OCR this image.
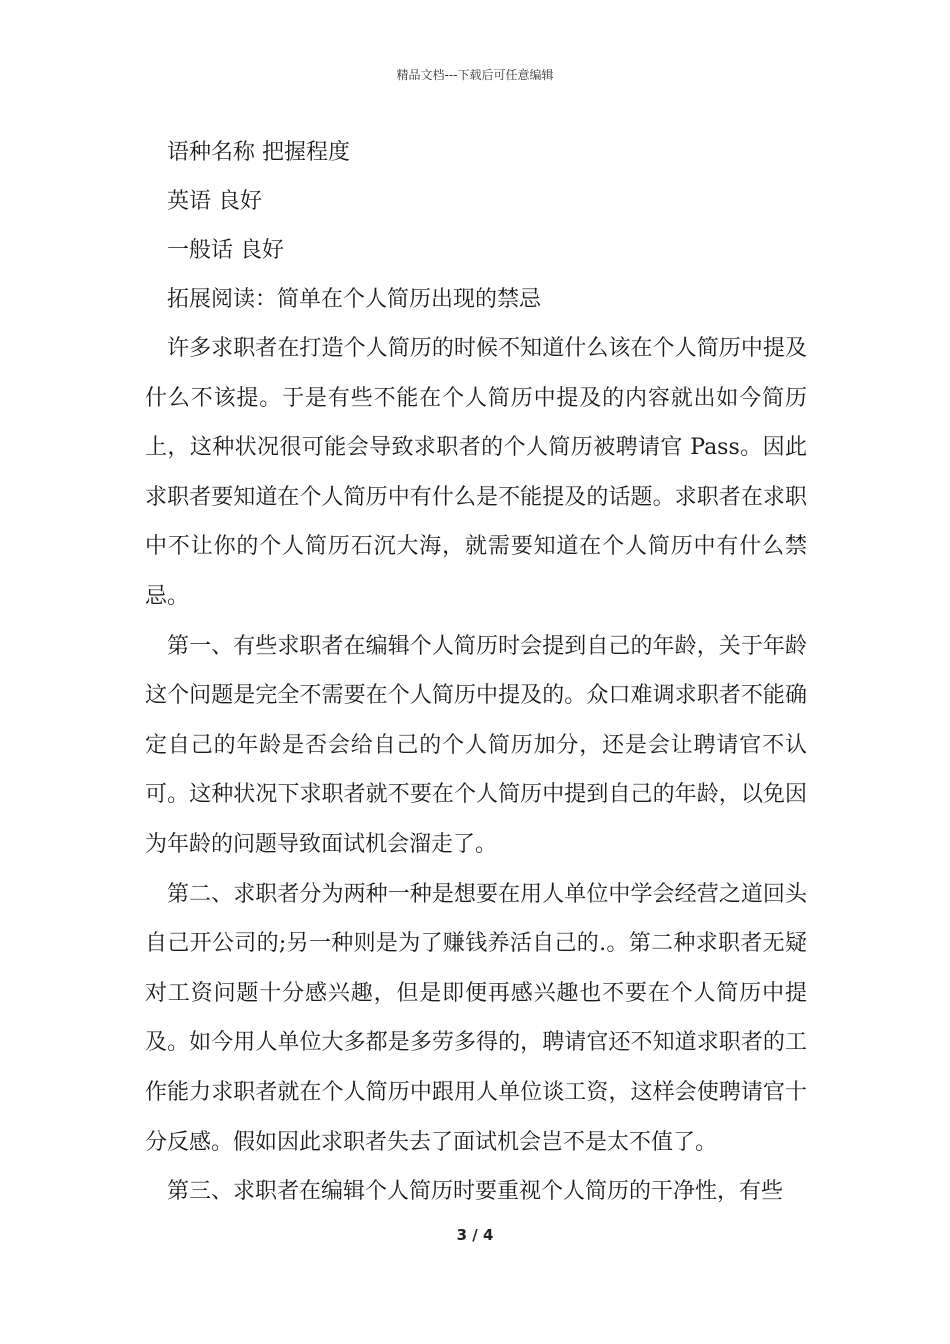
精品文档---下载后可任意编辑
语种名称 把握程度
英语 良好
一般话 良好
拓展阅读：简单在个人简历出现的禁忌
许多求职者在打造个人简历的时候不知道什么该在个人简历中提及什么不该提。于是有些不能在个人简历中提及的内容就出如今简历上，这种状况很可能会导致求职者的个人简历被聘请官 Pass。因此求职者要知道在个人简历中有什么是不能提及的话题。求职者在求职中不让你的个人简历石沉大海，就需要知道在个人简历中有什么禁忌。
第一、有些求职者在编辑个人简历时会提到自己的年龄，关于年龄这个问题是完全不需要在个人简历中提及的。众口难调求职者不能确定自己的年龄是否会给自己的个人简历加分，还是会让聘请官不认可。这种状况下求职者就不要在个人简历中提到自己的年龄，以免因为年龄的问题导致面试机会溜走了。
第二、求职者分为两种一种是想要在用人单位中学会经营之道回头自己开公司的;另一种则是为了赚钱养活自己的.。第二种求职者无疑对工资问题十分感兴趣，但是即便再感兴趣也不要在个人简历中提及。如今用人单位大多都是多劳多得的，聘请官还不知道求职者的工作能力求职者就在个人简历中跟用人单位谈工资，这样会使聘请官十分反感。假如因此求职者失去了面试机会岂不是太不值了。
第三、求职者在编辑个人简历时要重视个人简历的干净性，有些
3 / 4
